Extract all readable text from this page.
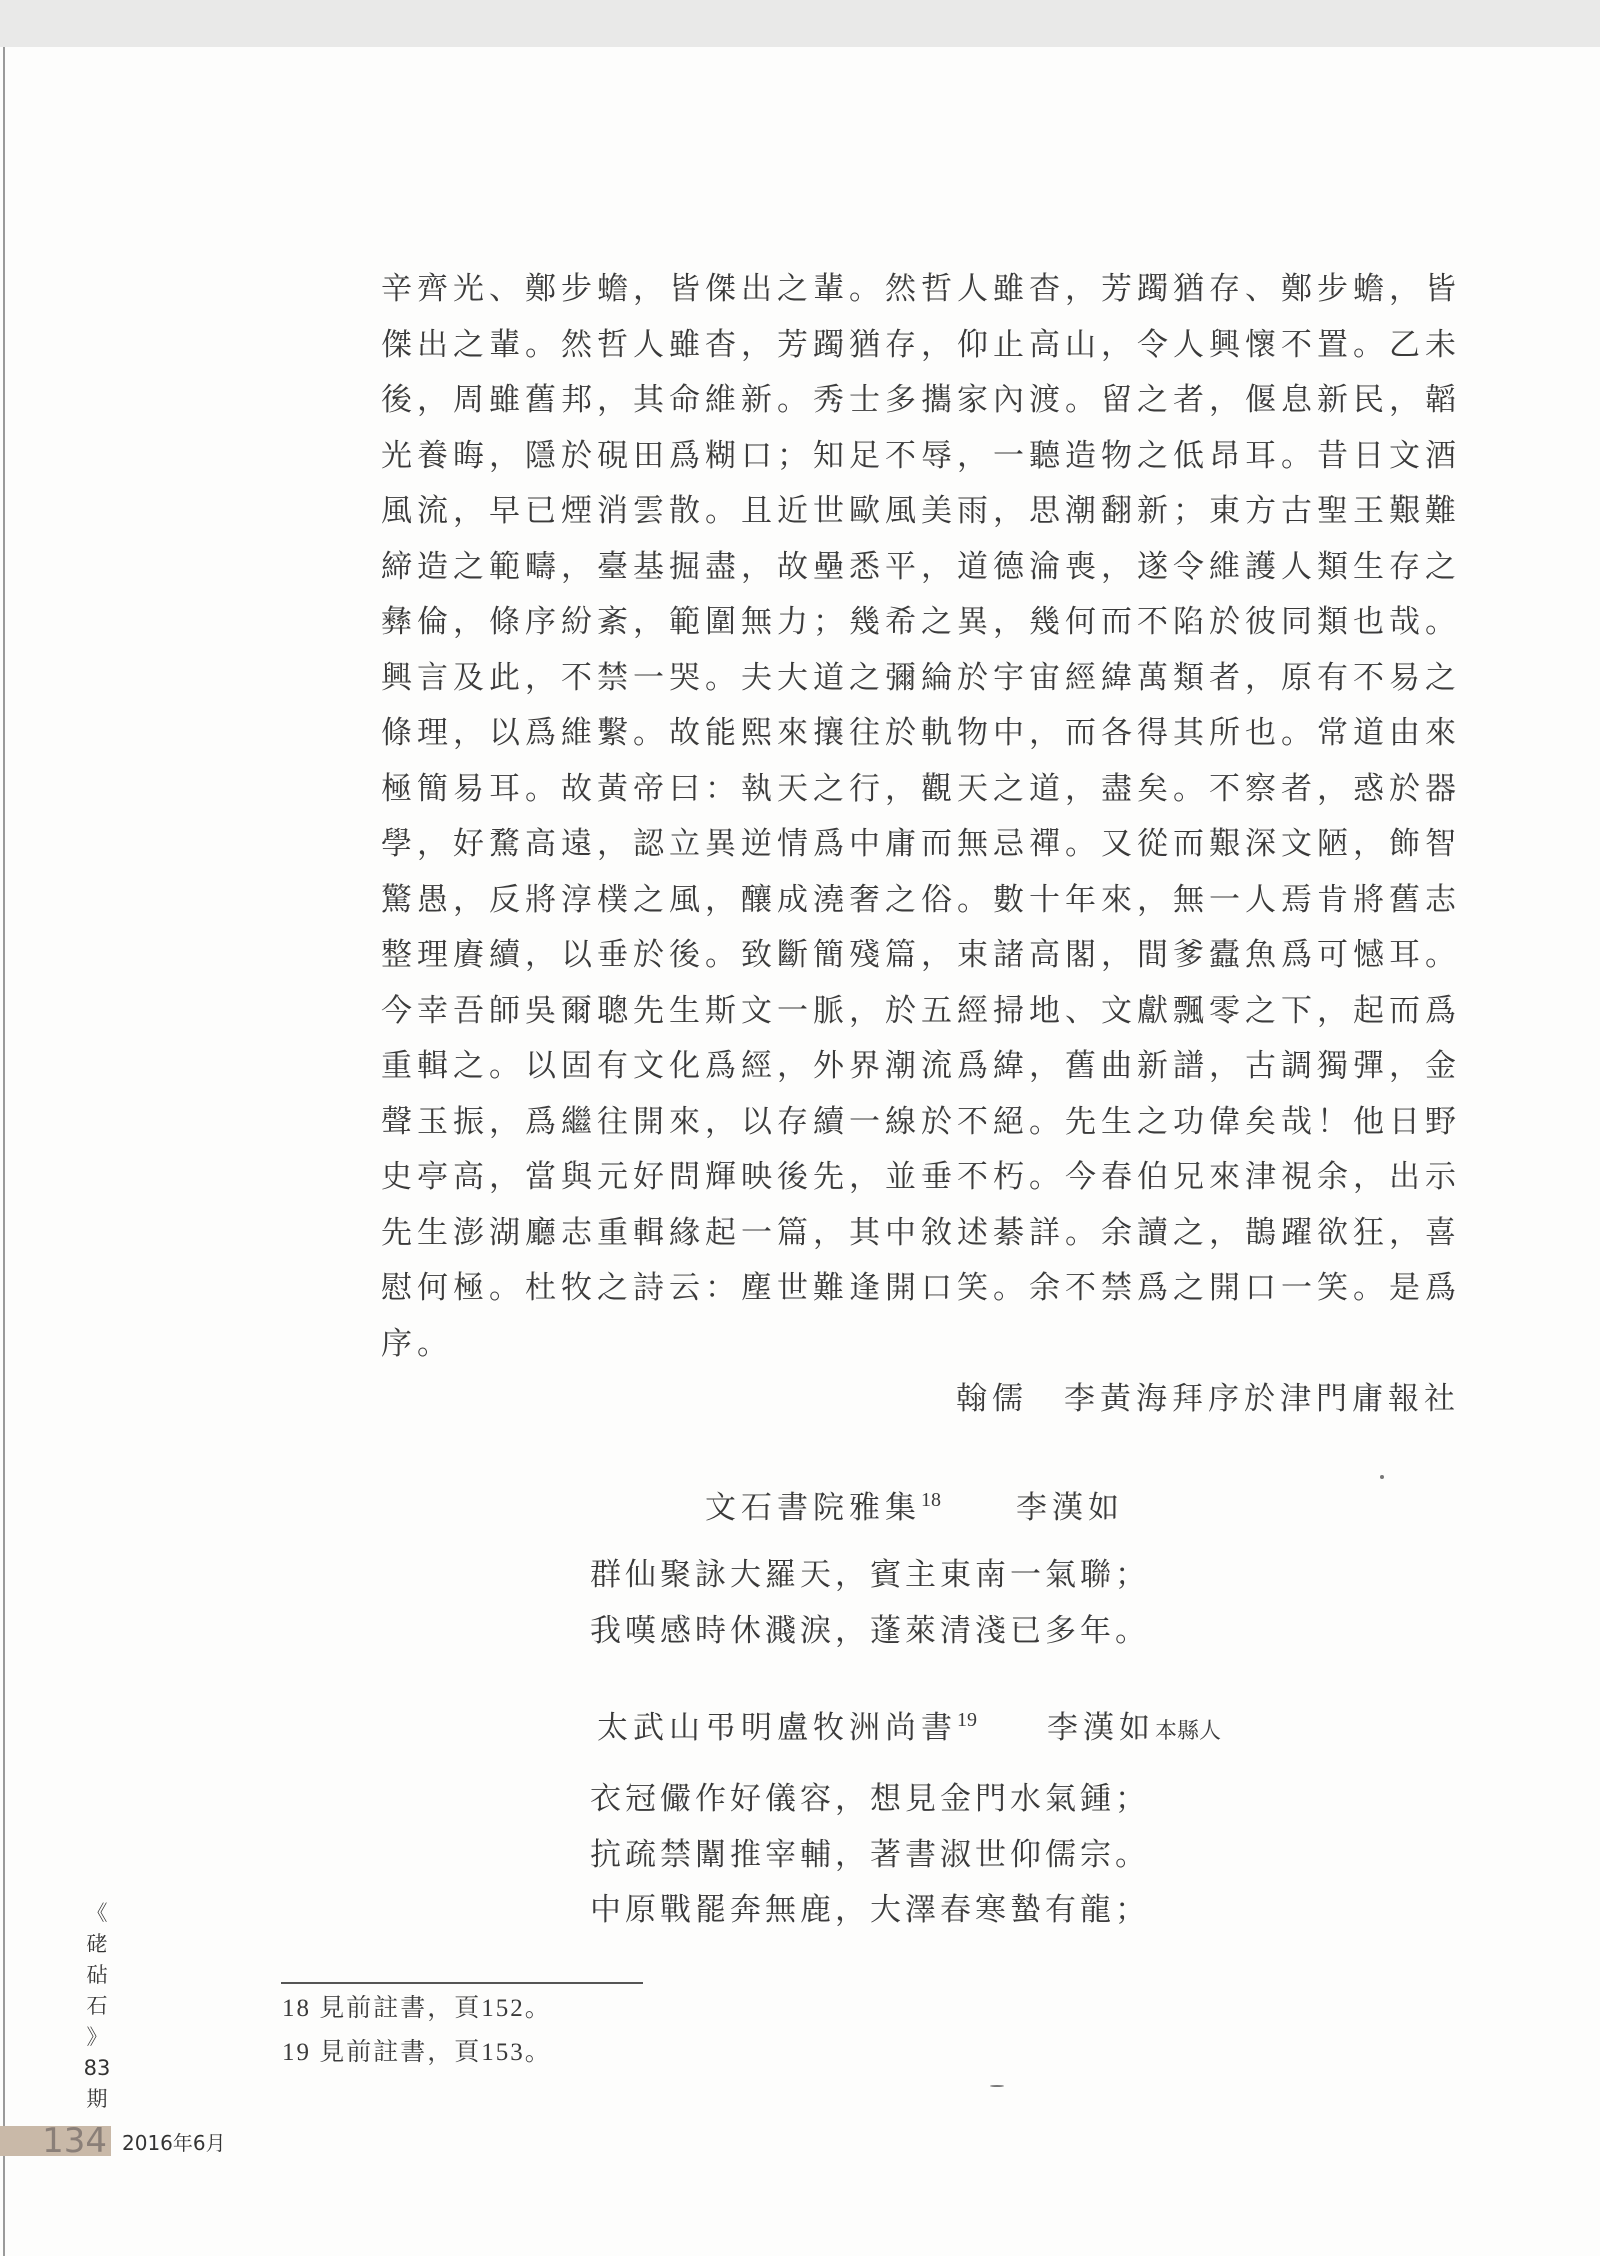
辛齊光、鄭步蟾，皆傑出之輩。然哲人雖杳，芳躅猶存、鄭步蟾，皆
傑出之輩。然哲人雖杳，芳躅猶存，仰止高山，令人興懷不置。乙未
後，周雖舊邦，其命維新。秀士多攜家內渡。留之者，偃息新民，韜
光養晦，隱於硯田爲糊口；知足不辱，一聽造物之低昂耳。昔日文酒
風流，早已煙消雲散。且近世歐風美雨，思潮翻新；東方古聖王艱難
締造之範疇，臺基掘盡，故壘悉平，道德淪喪，遂令維護人類生存之
彝倫，條序紛紊，範圍無力；幾希之異，幾何而不陷於彼同類也哉。
興言及此，不禁一哭。夫大道之彌綸於宇宙經緯萬類者，原有不易之
條理，以爲維繫。故能熙來攘往於軌物中，而各得其所也。常道由來
極簡易耳。故黃帝曰：執天之行，觀天之道，盡矣。不察者，惑於器
學，好騖高遠，認立異逆情爲中庸而無忌禪。又從而艱深文陋，飾智
驚愚，反將淳樸之風，釀成澆奢之俗。數十年來，無一人焉肯將舊志
整理賡續，以垂於後。致斷簡殘篇，束諸高閣，間爹蠹魚爲可憾耳。
今幸吾師吳爾聰先生斯文一脈，於五經掃地、文獻飄零之下，起而爲
重輯之。以固有文化爲經，外界潮流爲緯，舊曲新譜，古調獨彈，金
聲玉振，爲繼往開來，以存續一線於不絕。先生之功偉矣哉！他日野
史亭高，當與元好問輝映後先，並垂不朽。今春伯兄來津視余，出示
先生澎湖廳志重輯緣起一篇，其中敘述綦詳。余讀之，鵲躍欲狂，喜
慰何極。杜牧之詩云：塵世難逢開口笑。余不禁爲之開口一笑。是爲
序。
翰儒　李黃海拜序於津門庸報社
文石書院雅集$^{18}$ 李漢如
群仙聚詠大羅天，賓主東南一氣聯；
我嘆感時休濺淚，蓬萊清淺已多年。
太武山弔明盧牧洲尚書$^{19}$ 李漢如本縣人
衣冠儼作好儀容，想見金門水氣鍾；
抗疏禁闈推宰輔，著書淑世仰儒宗。
中原戰罷奔無鹿，大澤春寒蟄有龍；
18 見前註書，頁152。
19 見前註書，頁153。
《
硓
砧
石
》
83
期
134 2016年6月
